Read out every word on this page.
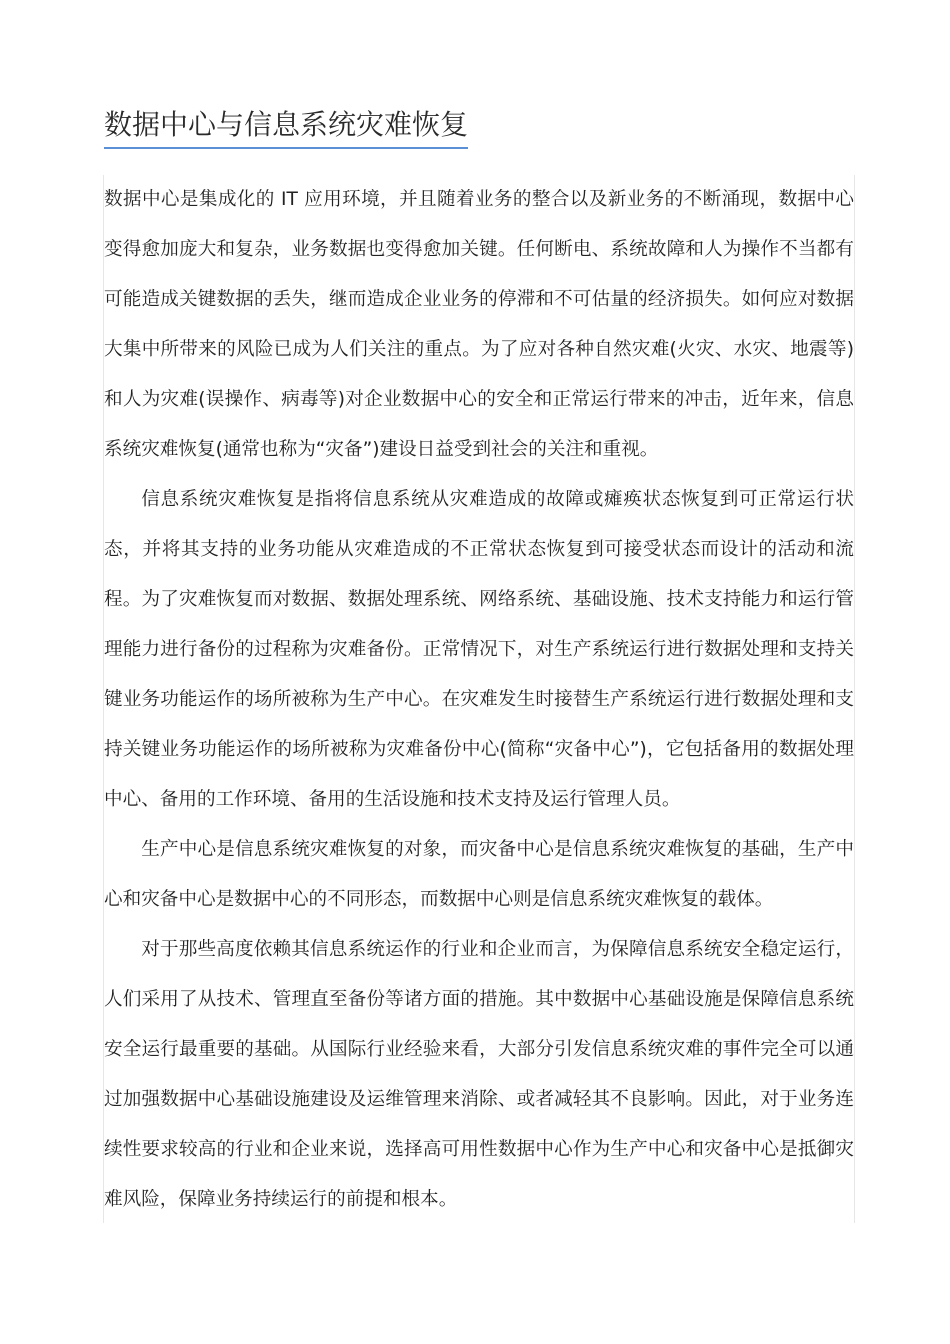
数据中心与信息系统灾难恢复

数据中心是集成化的 IT 应用环境，并且随着业务的整合以及新业务的不断涌现，数据中心变得愈加庞大和复杂，业务数据也变得愈加关键。任何断电、系统故障和人为操作不当都有可能造成关键数据的丢失，继而造成企业业务的停滞和不可估量的经济损失。如何应对数据大集中所带来的风险已成为人们关注的重点。为了应对各种自然灾难(火灾、水灾、地震等)和人为灾难(误操作、病毒等)对企业数据中心的安全和正常运行带来的冲击，近年来，信息系统灾难恢复(通常也称为“灾备”)建设日益受到社会的关注和重视。

信息系统灾难恢复是指将信息系统从灾难造成的故障或瘫痪状态恢复到可正常运行状态，并将其支持的业务功能从灾难造成的不正常状态恢复到可接受状态而设计的活动和流程。为了灾难恢复而对数据、数据处理系统、网络系统、基础设施、技术支持能力和运行管理能力进行备份的过程称为灾难备份。正常情况下，对生产系统运行进行数据处理和支持关键业务功能运作的场所被称为生产中心。在灾难发生时接替生产系统运行进行数据处理和支持关键业务功能运作的场所被称为灾难备份中心(简称“灾备中心”)，它包括备用的数据处理中心、备用的工作环境、备用的生活设施和技术支持及运行管理人员。

生产中心是信息系统灾难恢复的对象，而灾备中心是信息系统灾难恢复的基础，生产中心和灾备中心是数据中心的不同形态，而数据中心则是信息系统灾难恢复的载体。

对于那些高度依赖其信息系统运作的行业和企业而言，为保障信息系统安全稳定运行，人们采用了从技术、管理直至备份等诸方面的措施。其中数据中心基础设施是保障信息系统安全运行最重要的基础。从国际行业经验来看，大部分引发信息系统灾难的事件完全可以通过加强数据中心基础设施建设及运维管理来消除、或者减轻其不良影响。因此，对于业务连续性要求较高的行业和企业来说，选择高可用性数据中心作为生产中心和灾备中心是抵御灾难风险，保障业务持续运行的前提和根本。
